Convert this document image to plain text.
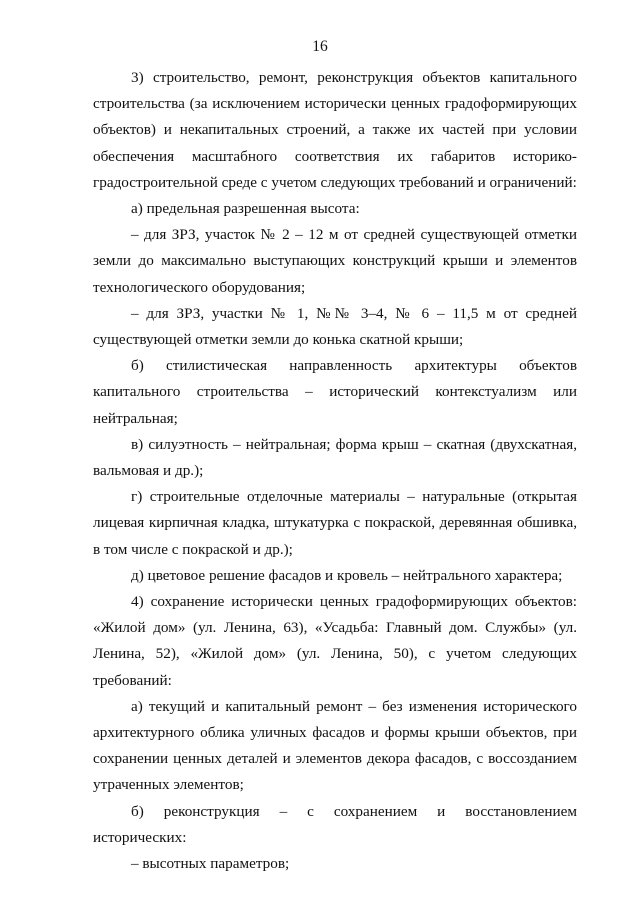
16

3) строительство, ремонт, реконструкция объектов капитального строительства (за исключением исторически ценных градоформирующих объектов) и некапитальных строений, а также их частей при условии обеспечения масштабного соответствия их габаритов историко-градостроительной среде с учетом следующих требований и ограничений:

а) предельная разрешенная высота:

– для ЗРЗ, участок № 2 – 12 м от средней существующей отметки земли до максимально выступающих конструкций крыши и элементов технологического оборудования;

– для ЗРЗ, участки № 1, №№ 3–4, № 6 – 11,5 м от средней существующей отметки земли до конька скатной крыши;

б) стилистическая направленность архитектуры объектов капитального строительства – исторический контекстуализм или нейтральная;

в) силуэтность – нейтральная; форма крыш – скатная (двухскатная, вальмовая и др.);

г) строительные отделочные материалы – натуральные (открытая лицевая кирпичная кладка, штукатурка с покраской, деревянная обшивка, в том числе с покраской и др.);

д) цветовое решение фасадов и кровель – нейтрального характера;

4) сохранение исторически ценных градоформирующих объектов: «Жилой дом» (ул. Ленина, 63), «Усадьба: Главный дом. Службы» (ул. Ленина, 52), «Жилой дом» (ул. Ленина, 50), с учетом следующих требований:

а) текущий и капитальный ремонт – без изменения исторического архитектурного облика уличных фасадов и формы крыши объектов, при сохранении ценных деталей и элементов декора фасадов, с воссозданием утраченных элементов;

б) реконструкция – с сохранением и восстановлением исторических:

– высотных параметров;
